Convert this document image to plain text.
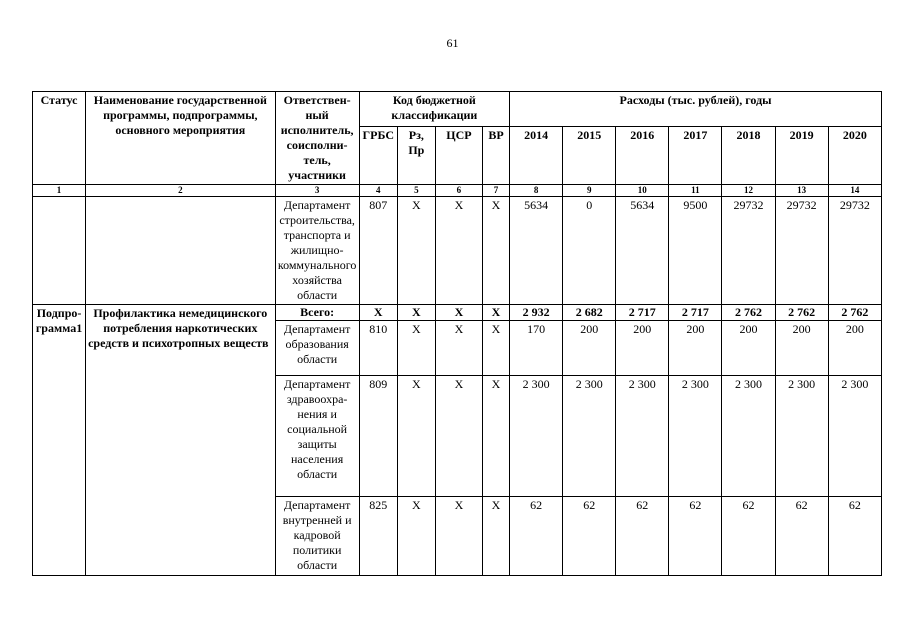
61
Статус	Наименование государственной программы, подпрограммы, основного мероприятия	Ответствен-ный исполнитель, соисполни-тель, участники	Код бюджетной классификации				Расходы (тыс. рублей), годы						
			ГРБС	Рз, Пр	ЦСР	ВР	2014	2015	2016	2017	2018	2019	2020
1	2	3	4	5	6	7	8	9	10	11	12	13	14
		Департамент строительства, транспорта и жилищно-коммунального хозяйства области	807	Х	Х	Х	5634	0	5634	9500	29732	29732	29732
Подпро-грамма1	Профилактика немедицинского потребления наркотических средств и психотропных веществ	Всего:	Х	Х	Х	Х	2 932	2 682	2 717	2 717	2 762	2 762	2 762
		Департамент образования области	810	Х	Х	Х	170	200	200	200	200	200	200
		Департамент здравоохра-нения и социальной защиты населения области	809	Х	Х	Х	2 300	2 300	2 300	2 300	2 300	2 300	2 300
		Департамент внутренней и кадровой политики области	825	Х	Х	Х	62	62	62	62	62	62	62
